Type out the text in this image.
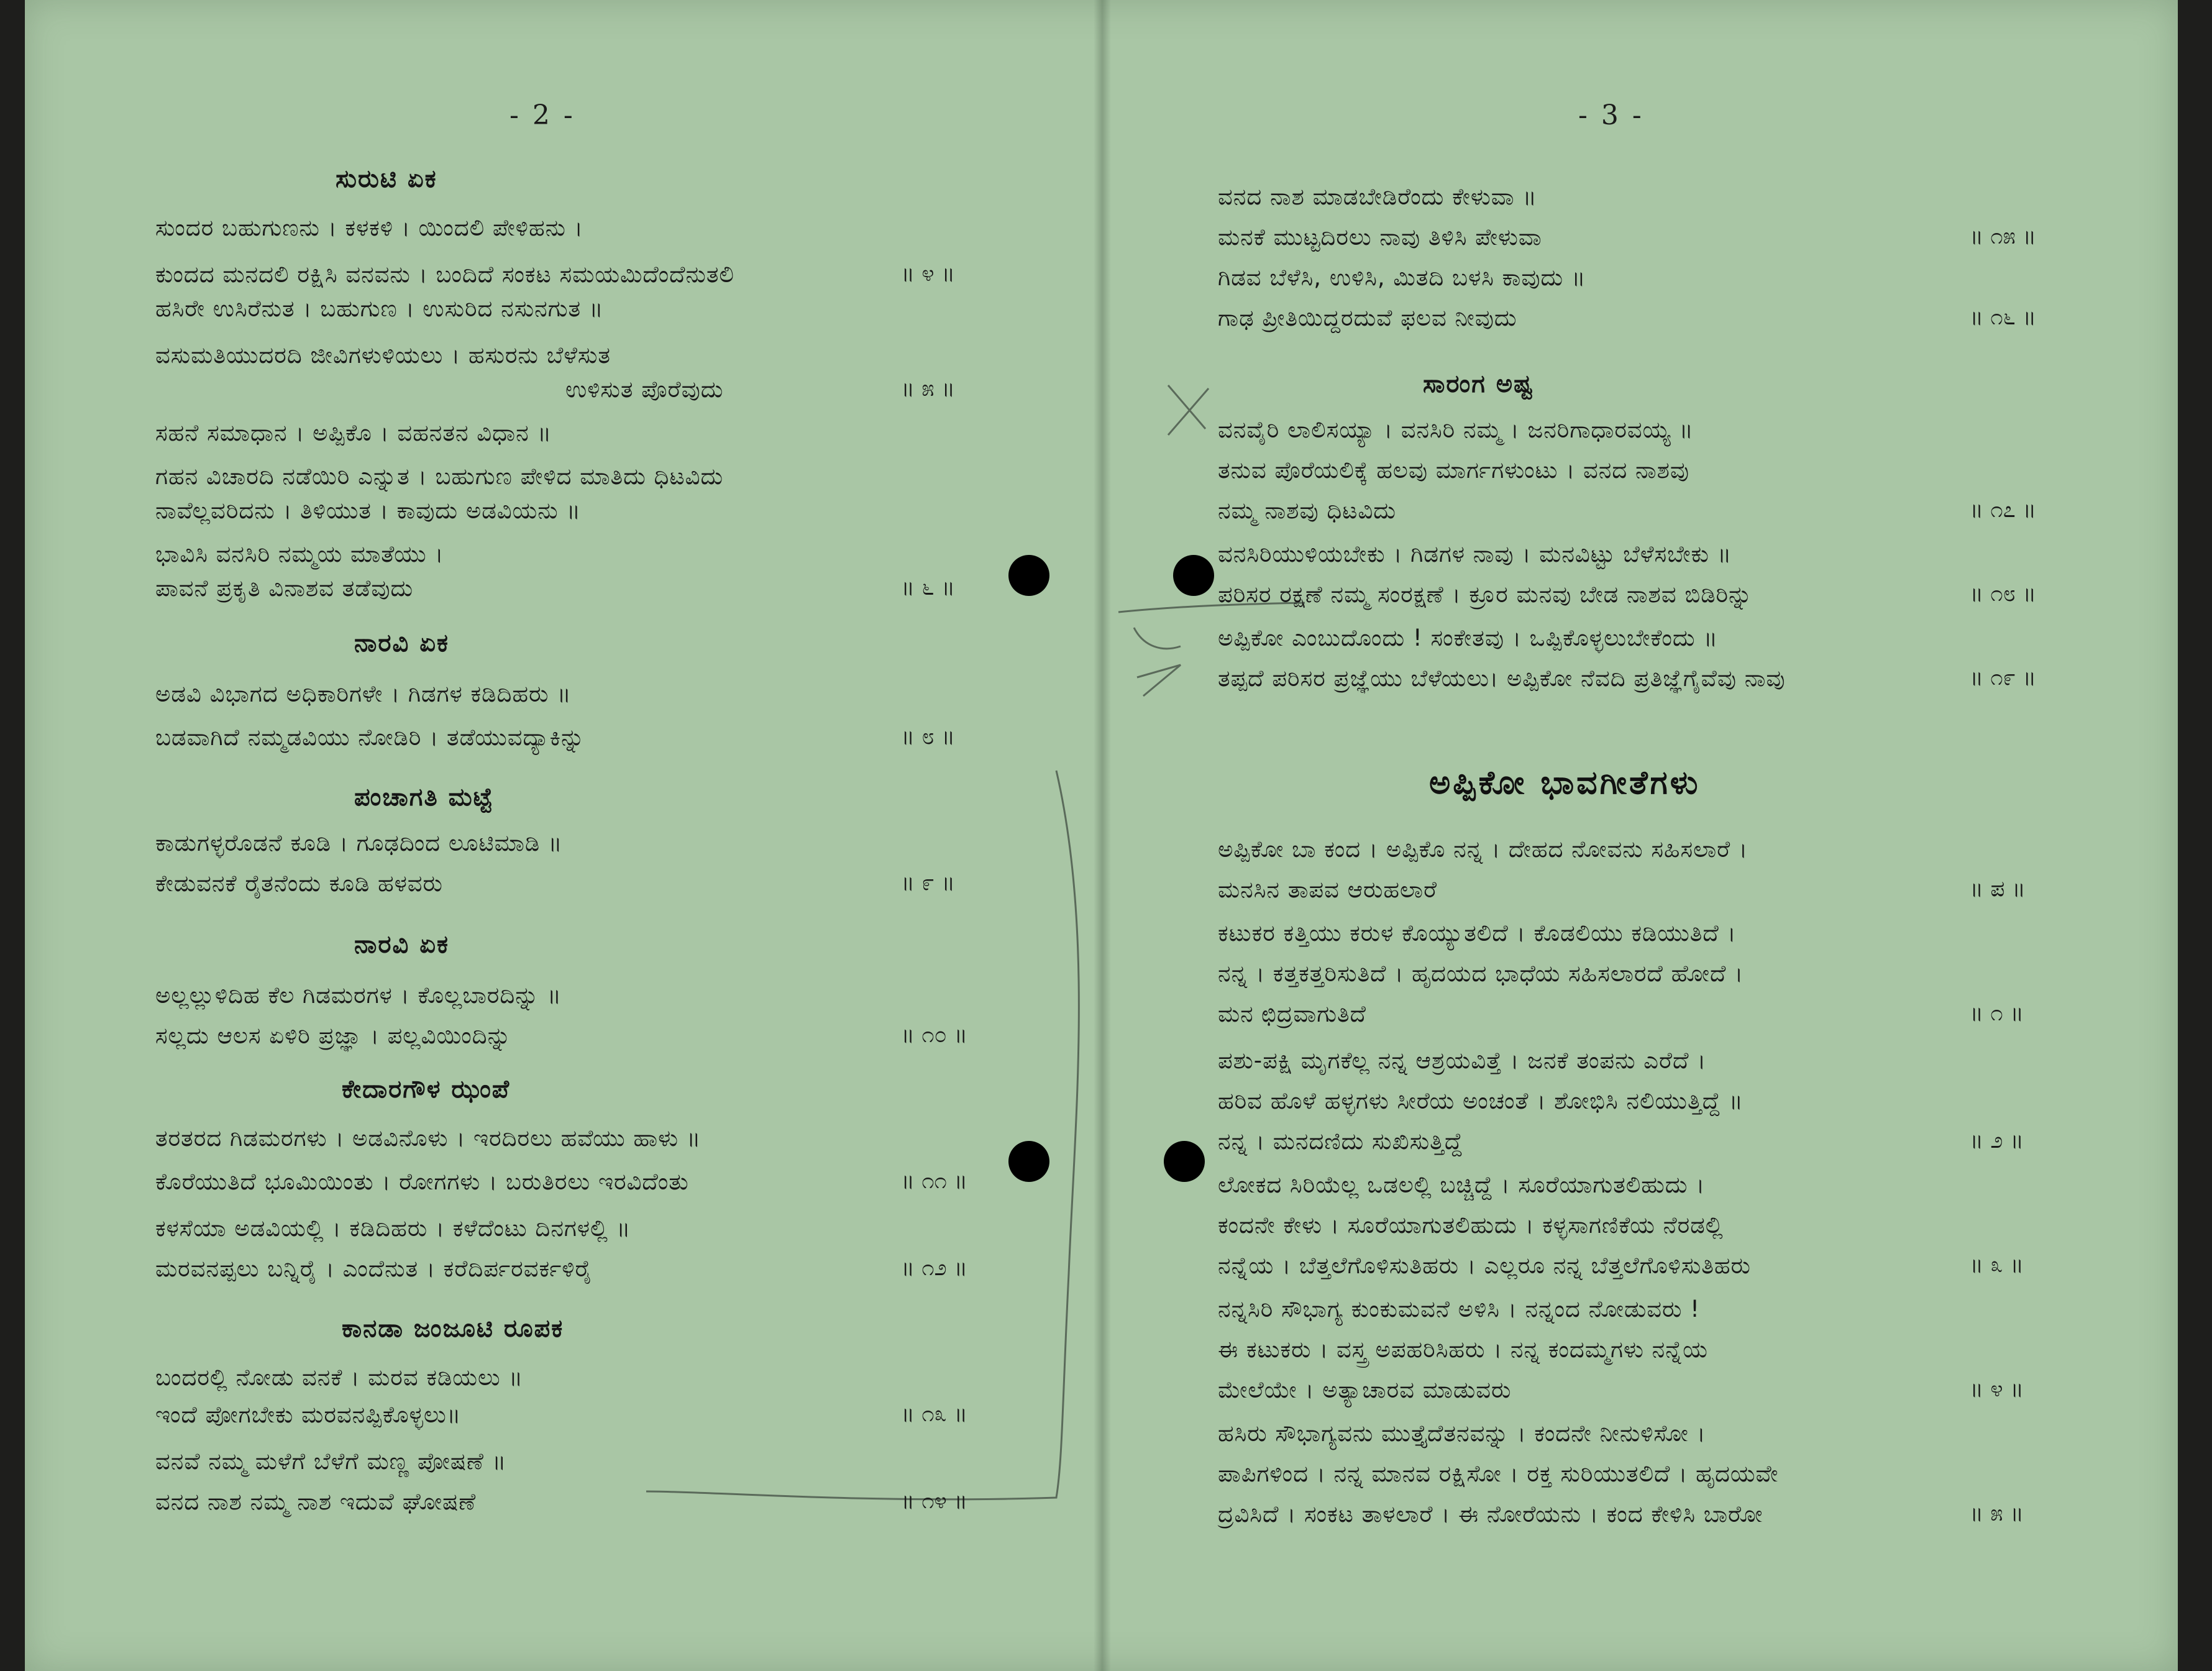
- 2 -
ಸುರುಟಿ ಏಕ
ಸುಂದರ ಬಹುಗುಣನು । ಕಳಕಳಿ । ಯಿಂದಲಿ ಪೇಳಿಹನು ।
ಕುಂದದ ಮನದಲಿ ರಕ್ಷಿಸಿ ವನವನು । ಬಂದಿದೆ ಸಂಕಟ ಸಮಯಮಿದೆಂದೆನುತಲಿ	॥ ೪ ॥
ಹಸಿರೇ ಉಸಿರೆನುತ । ಬಹುಗುಣ । ಉಸುರಿದ ನಸುನಗುತ ॥
ವಸುಮತಿಯುದರದಿ ಜೀವಿಗಳುಳಿಯಲು । ಹಸುರನು ಬೆಳೆಸುತ
ಉಳಿಸುತ ಪೊರೆವುದು	॥ ೫ ॥
ಸಹನೆ ಸಮಾಧಾನ । ಅಪ್ಪಿಕೊ । ವಹನತನ ವಿಧಾನ ॥
ಗಹನ ವಿಚಾರದಿ ನಡೆಯಿರಿ ಎನ್ನುತ । ಬಹುಗುಣ ಪೇಳಿದ ಮಾತಿದು ಧಿಟವಿದು
ನಾವೆಲ್ಲವರಿದನು । ತಿಳಿಯುತ । ಕಾವುದು ಅಡವಿಯನು ॥
ಭಾವಿಸಿ ವನಸಿರಿ ನಮ್ಮಯ ಮಾತೆಯು ।
ಪಾವನೆ ಪ್ರಕೃತಿ ವಿನಾಶವ ತಡೆವುದು	॥ ೬ ॥
ನಾರವಿ ಏಕ
ಅಡವಿ ವಿಭಾಗದ ಅಧಿಕಾರಿಗಳೇ । ಗಿಡಗಳ ಕಡಿದಿಹರು ॥
ಬಡವಾಗಿದೆ ನಮ್ಮಡವಿಯು ನೋಡಿರಿ । ತಡೆಯುವದ್ಯಾಕಿನ್ನು	॥ ೮ ॥
ಪಂಚಾಗತಿ ಮಟ್ಟೆ
ಕಾಡುಗಳ್ಳರೊಡನೆ ಕೂಡಿ । ಗೂಢದಿಂದ ಲೂಟಿಮಾಡಿ ॥
ಕೇಡುವನಕೆ ರೈತನೆಂದು ಕೂಡಿ ಹಳವರು	॥ ೯ ॥
ನಾರವಿ ಏಕ
ಅಲ್ಲಲ್ಲುಳಿದಿಹ ಕೆಲ ಗಿಡಮರಗಳ । ಕೊಲ್ಲಬಾರದಿನ್ನು ॥
ಸಲ್ಲದು ಆಲಸ ಏಳಿರಿ ಪ್ರಜ್ಞಾ । ಪಲ್ಲವಿಯಿಂದಿನ್ನು	॥ ೧೦ ॥
ಕೇದಾರಗೌಳ ಝಂಪೆ
ತರತರದ ಗಿಡಮರಗಳು । ಅಡವಿನೊಳು । ಇರದಿರಲು ಹವೆಯು ಹಾಳು ॥
ಕೊರೆಯುತಿದೆ ಭೂಮಿಯಿಂತು । ರೋಗಗಳು । ಬರುತಿರಲು ಇರವಿದೆಂತು	॥ ೧೧ ॥
ಕಳಸೆಯಾ ಅಡವಿಯಲ್ಲಿ । ಕಡಿದಿಹರು । ಕಳೆದೆಂಟು ದಿನಗಳಲ್ಲಿ ॥
ಮರವನಪ್ಪಲು ಬನ್ನಿರೈ । ಎಂದೆನುತ । ಕರೆದಿರ್ಪರವರ್ಕಳಿರೈ	॥ ೧೨ ॥
ಕಾನಡಾ ಜಂಜೂಟಿ ರೂಪಕ
ಬಂದರಲ್ಲಿ ನೋಡು ವನಕೆ । ಮರವ ಕಡಿಯಲು ॥
ಇಂದೆ ಪೋಗಬೇಕು ಮರವನಪ್ಪಿಕೊಳ್ಳಲು॥	॥ ೧೩ ॥
ವನವೆ ನಮ್ಮ ಮಳೆಗೆ ಬೆಳೆಗೆ ಮಣ್ಣ ಪೋಷಣೆ ॥
ವನದ ನಾಶ ನಮ್ಮ ನಾಶ ಇದುವೆ ಘೋಷಣೆ	॥ ೧೪ ॥
- 3 -
ವನದ ನಾಶ ಮಾಡಬೇಡಿರೆಂದು ಕೇಳುವಾ ॥
ಮನಕೆ ಮುಟ್ಟದಿರಲು ನಾವು ತಿಳಿಸಿ ಪೇಳುವಾ	॥ ೧೫ ॥
ಗಿಡವ ಬೆಳೆಸಿ, ಉಳಿಸಿ, ಮಿತದಿ ಬಳಸಿ ಕಾವುದು ॥
ಗಾಢ ಪ್ರೀತಿಯಿದ್ದರದುವೆ ಫಲವ ನೀವುದು	॥ ೧೬ ॥
ಸಾರಂಗ ಅಷ್ಟ
ವನವೈರಿ ಲಾಲಿಸಯ್ಯಾ । ವನಸಿರಿ ನಮ್ಮ । ಜನರಿಗಾಧಾರವಯ್ಯ ॥
ತನುವ ಪೊರೆಯಲಿಕ್ಕೆ ಹಲವು ಮಾರ್ಗಗಳುಂಟು । ವನದ ನಾಶವು
ನಮ್ಮ ನಾಶವು ಧಿಟವಿದು	॥ ೧೭ ॥
ವನಸಿರಿಯುಳಿಯಬೇಕು । ಗಿಡಗಳ ನಾವು । ಮನವಿಟ್ಟು ಬೆಳೆಸಬೇಕು ॥
ಪರಿಸರ ರಕ್ಷಣೆ ನಮ್ಮ ಸಂರಕ್ಷಣೆ । ಕ್ರೂರ ಮನವು ಬೇಡ ನಾಶವ ಬಿಡಿರಿನ್ನು	॥ ೧೮ ॥
ಅಪ್ಪಿಕೋ ಎಂಬುದೊಂದು ! ಸಂಕೇತವು । ಒಪ್ಪಿಕೊಳ್ಳಲುಬೇಕೆಂದು ॥
ತಪ್ಪದೆ ಪರಿಸರ ಪ್ರಜ್ಞೆಯು ಬೆಳೆಯಲು। ಅಪ್ಪಿಕೋ ನೆವದಿ ಪ್ರತಿಜ್ಞೆಗೈವೆವು ನಾವು	॥ ೧೯ ॥
ಅಪ್ಪಿಕೋ ಬಾ ಕಂದ । ಅಪ್ಪಿಕೊ ನನ್ನ । ದೇಹದ ನೋವನು ಸಹಿಸಲಾರೆ ।
ಮನಸಿನ ತಾಪವ ಆರುಹಲಾರೆ	॥ ಪ ॥
ಕಟುಕರ ಕತ್ತಿಯು ಕರುಳ ಕೊಯ್ಯುತಲಿದೆ । ಕೊಡಲಿಯು ಕಡಿಯುತಿದೆ ।
ನನ್ನ । ಕತ್ತಕತ್ತರಿಸುತಿದೆ । ಹೃದಯದ ಭಾಧೆಯ ಸಹಿಸಲಾರದೆ ಹೋದೆ ।
ಮನ ಛಿದ್ರವಾಗುತಿದೆ	॥ ೧ ॥
ಪಶು-ಪಕ್ಷಿ ಮೃಗಕೆಲ್ಲ ನನ್ನ ಆಶ್ರಯವಿತ್ತೆ । ಜನಕೆ ತಂಪನು ಎರೆದೆ ।
ಹರಿವ ಹೊಳೆ ಹಳ್ಳಗಳು ಸೀರೆಯ ಅಂಚಂತೆ । ಶೋಭಿಸಿ ನಲಿಯುತ್ತಿದ್ದೆ ॥
ನನ್ನ । ಮನದಣಿದು ಸುಖಿಸುತ್ತಿದ್ದೆ	॥ ೨ ॥
ಲೋಕದ ಸಿರಿಯೆಲ್ಲ ಒಡಲಲ್ಲಿ ಬಚ್ಚಿದ್ದೆ । ಸೂರೆಯಾಗುತಲಿಹುದು ।
ಕಂದನೇ ಕೇಳು । ಸೂರೆಯಾಗುತಲಿಹುದು । ಕಳ್ಳಸಾಗಣಿಕೆಯ ನೆರಡಲ್ಲಿ
ನನ್ನೆಯ । ಬೆತ್ತಲೆಗೊಳಿಸುತಿಹರು । ಎಲ್ಲರೂ ನನ್ನ ಬೆತ್ತಲೆಗೊಳಿಸುತಿಹರು	॥ ೩ ॥
ನನ್ನಸಿರಿ ಸೌಭಾಗ್ಯ ಕುಂಕುಮವನೆ ಅಳಿಸಿ । ನನ್ನಂದ ನೋಡುವರು !
ಈ ಕಟುಕರು । ವಸ್ತ್ರ ಅಪಹರಿಸಿಹರು । ನನ್ನ ಕಂದಮ್ಮಗಳು ನನ್ನೆಯ
ಮೇಲೆಯೇ । ಅತ್ಯಾಚಾರವ ಮಾಡುವರು	॥ ೪ ॥
ಹಸಿರು ಸೌಭಾಗ್ಯವನು ಮುತ್ತೈದೆತನವನ್ನು । ಕಂದನೇ ನೀನುಳಿಸೋ ।
ಪಾಪಿಗಳಿಂದ । ನನ್ನ ಮಾನವ ರಕ್ಷಿಸೋ । ರಕ್ತ ಸುರಿಯುತಲಿದೆ । ಹೃದಯವೇ
ದ್ರವಿಸಿದೆ । ಸಂಕಟ ತಾಳಲಾರೆ । ಈ ನೋರೆಯನು । ಕಂದ ಕೇಳಿಸಿ ಬಾರೋ	॥ ೫ ॥
ಅಪ್ಪಿಕೋ ಭಾವಗೀತೆಗಳು
